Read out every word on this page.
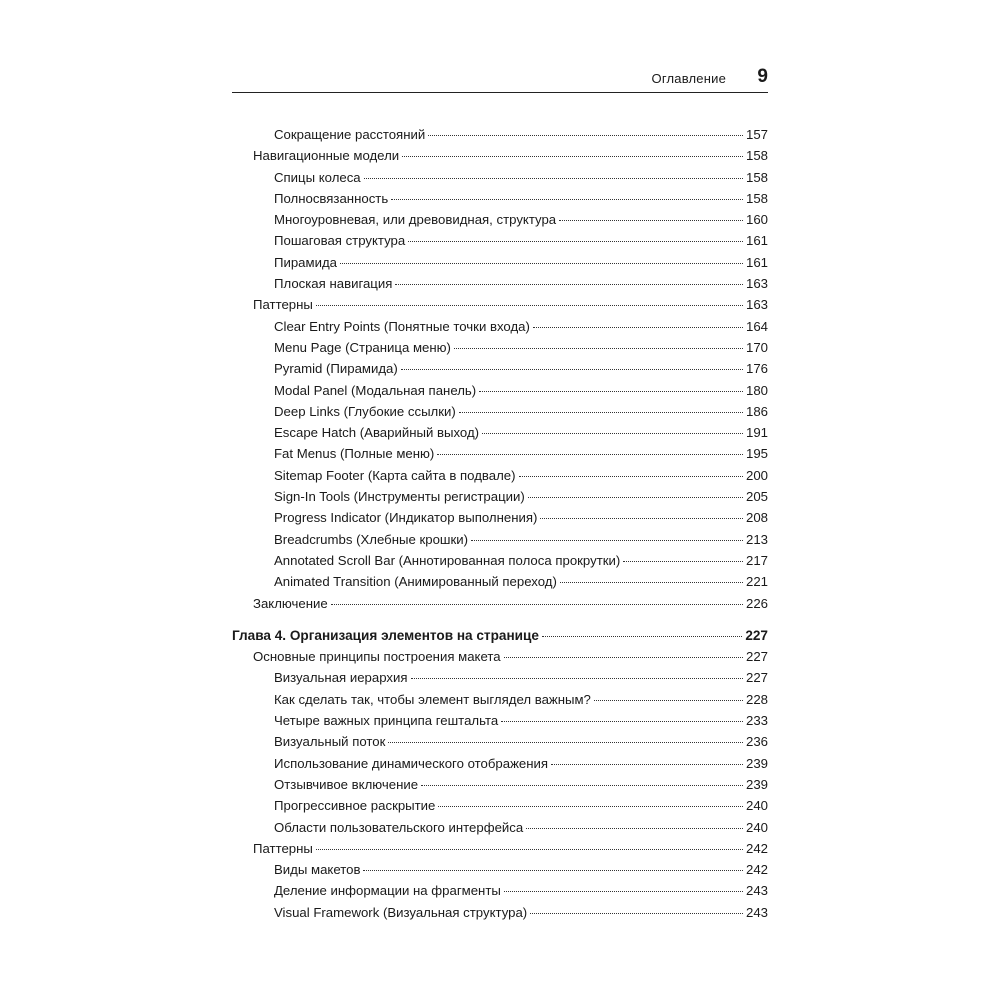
Оглавление 9
Сокращение расстояний	157
Навигационные модели	158
Спицы колеса	158
Полносвязанность	158
Многоуровневая, или древовидная, структура	160
Пошаговая структура	161
Пирамида	161
Плоская навигация	163
Паттерны	163
Clear Entry Points (Понятные точки входа)	164
Menu Page (Страница меню)	170
Pyramid (Пирамида)	176
Modal Panel (Модальная панель)	180
Deep Links (Глубокие ссылки)	186
Escape Hatch (Аварийный выход)	191
Fat Menus (Полные меню)	195
Sitemap Footer (Карта сайта в подвале)	200
Sign-In Tools (Инструменты регистрации)	205
Progress Indicator (Индикатор выполнения)	208
Breadcrumbs (Хлебные крошки)	213
Annotated Scroll Bar (Аннотированная полоса прокрутки)	217
Animated Transition (Анимированный переход)	221
Заключение	226
Глава 4. Организация элементов на странице	227
Основные принципы построения макета	227
Визуальная иерархия	227
Как сделать так, чтобы элемент выглядел важным?	228
Четыре важных принципа гештальта	233
Визуальный поток	236
Использование динамического отображения	239
Отзывчивое включение	239
Прогрессивное раскрытие	240
Области пользовательского интерфейса	240
Паттерны	242
Виды макетов	242
Деление информации на фрагменты	243
Visual Framework (Визуальная структура)	243
